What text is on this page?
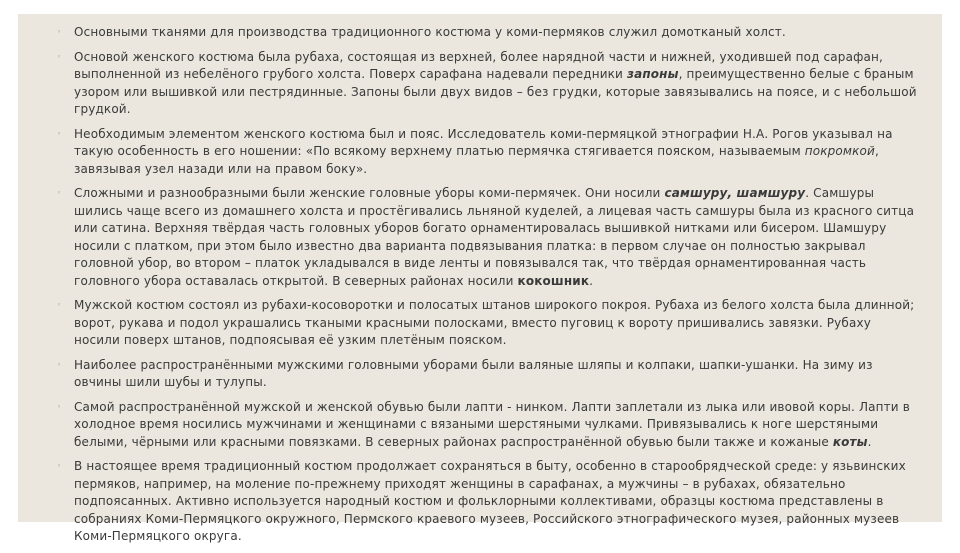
◦ Основными тканями для производства традиционного костюма у коми-пермяков служил домотканый холст.
◦ Основой женского костюма была рубаха, состоящая из верхней, более нарядной части и нижней, уходившей под сарафан, выполненной из небелёного грубого холста. Поверх сарафана надевали передники запоны, преимущественно белые с браным узором или вышивкой или пестрядинные. Запоны были двух видов – без грудки, которые завязывались на поясе, и с небольшой грудкой.
◦ Необходимым элементом женского костюма был и пояс. Исследователь коми-пермяцкой этнографии Н.А. Рогов указывал на такую особенность в его ношении: «По всякому верхнему платью пермячка стягивается пояском, называемым покромкой, завязывая узел назади или на правом боку».
◦ Сложными и разнообразными были женские головные уборы коми-пермячек. Они носили самшуру, шамшуру. Самшуры шились чаще всего из домашнего холста и простёгивались льняной куделей, а лицевая часть самшуры была из красного ситца или сатина. Верхняя твёрдая часть головных уборов богато орнаментировалась вышивкой нитками или бисером. Шамшуру носили с платком, при этом было известно два варианта подвязывания платка: в первом случае он полностью закрывал головной убор, во втором – платок укладывался в виде ленты и повязывался так, что твёрдая орнаментированная часть головного убора оставалась открытой. В северных районах носили кокошник.
◦ Мужской костюм состоял из рубахи-косоворотки и полосатых штанов широкого покроя. Рубаха из белого холста была длинной; ворот, рукава и подол украшались ткаными красными полосками, вместо пуговиц к вороту пришивались завязки. Рубаху носили поверх штанов, подпоясывая её узким плетёным пояском.
◦ Наиболее распространёнными мужскими головными уборами были валяные шляпы и колпаки, шапки-ушанки. На зиму из овчины шили шубы и тулупы.
◦ Самой распространённой мужской и женской обувью были лапти - нинком. Лапти заплетали из лыка или ивовой коры. Лапти в холодное время носились мужчинами и женщинами с вязаными шерстяными чулками. Привязывались к ноге шерстяными белыми, чёрными или красными повязками. В северных районах распространённой обувью были также и кожаные коты.
◦ В настоящее время традиционный костюм продолжает сохраняться в быту, особенно в старообрядческой среде: у язьвинских пермяков, например, на моление по-прежнему приходят женщины в сарафанах, а мужчины – в рубахах, обязательно подпоясанных. Активно используется народный костюм и фольклорными коллективами, образцы костюма представлены в собраниях Коми-Пермяцкого окружного, Пермского краевого музеев, Российского этнографического музея, районных музеев Коми-Пермяцкого округа.
